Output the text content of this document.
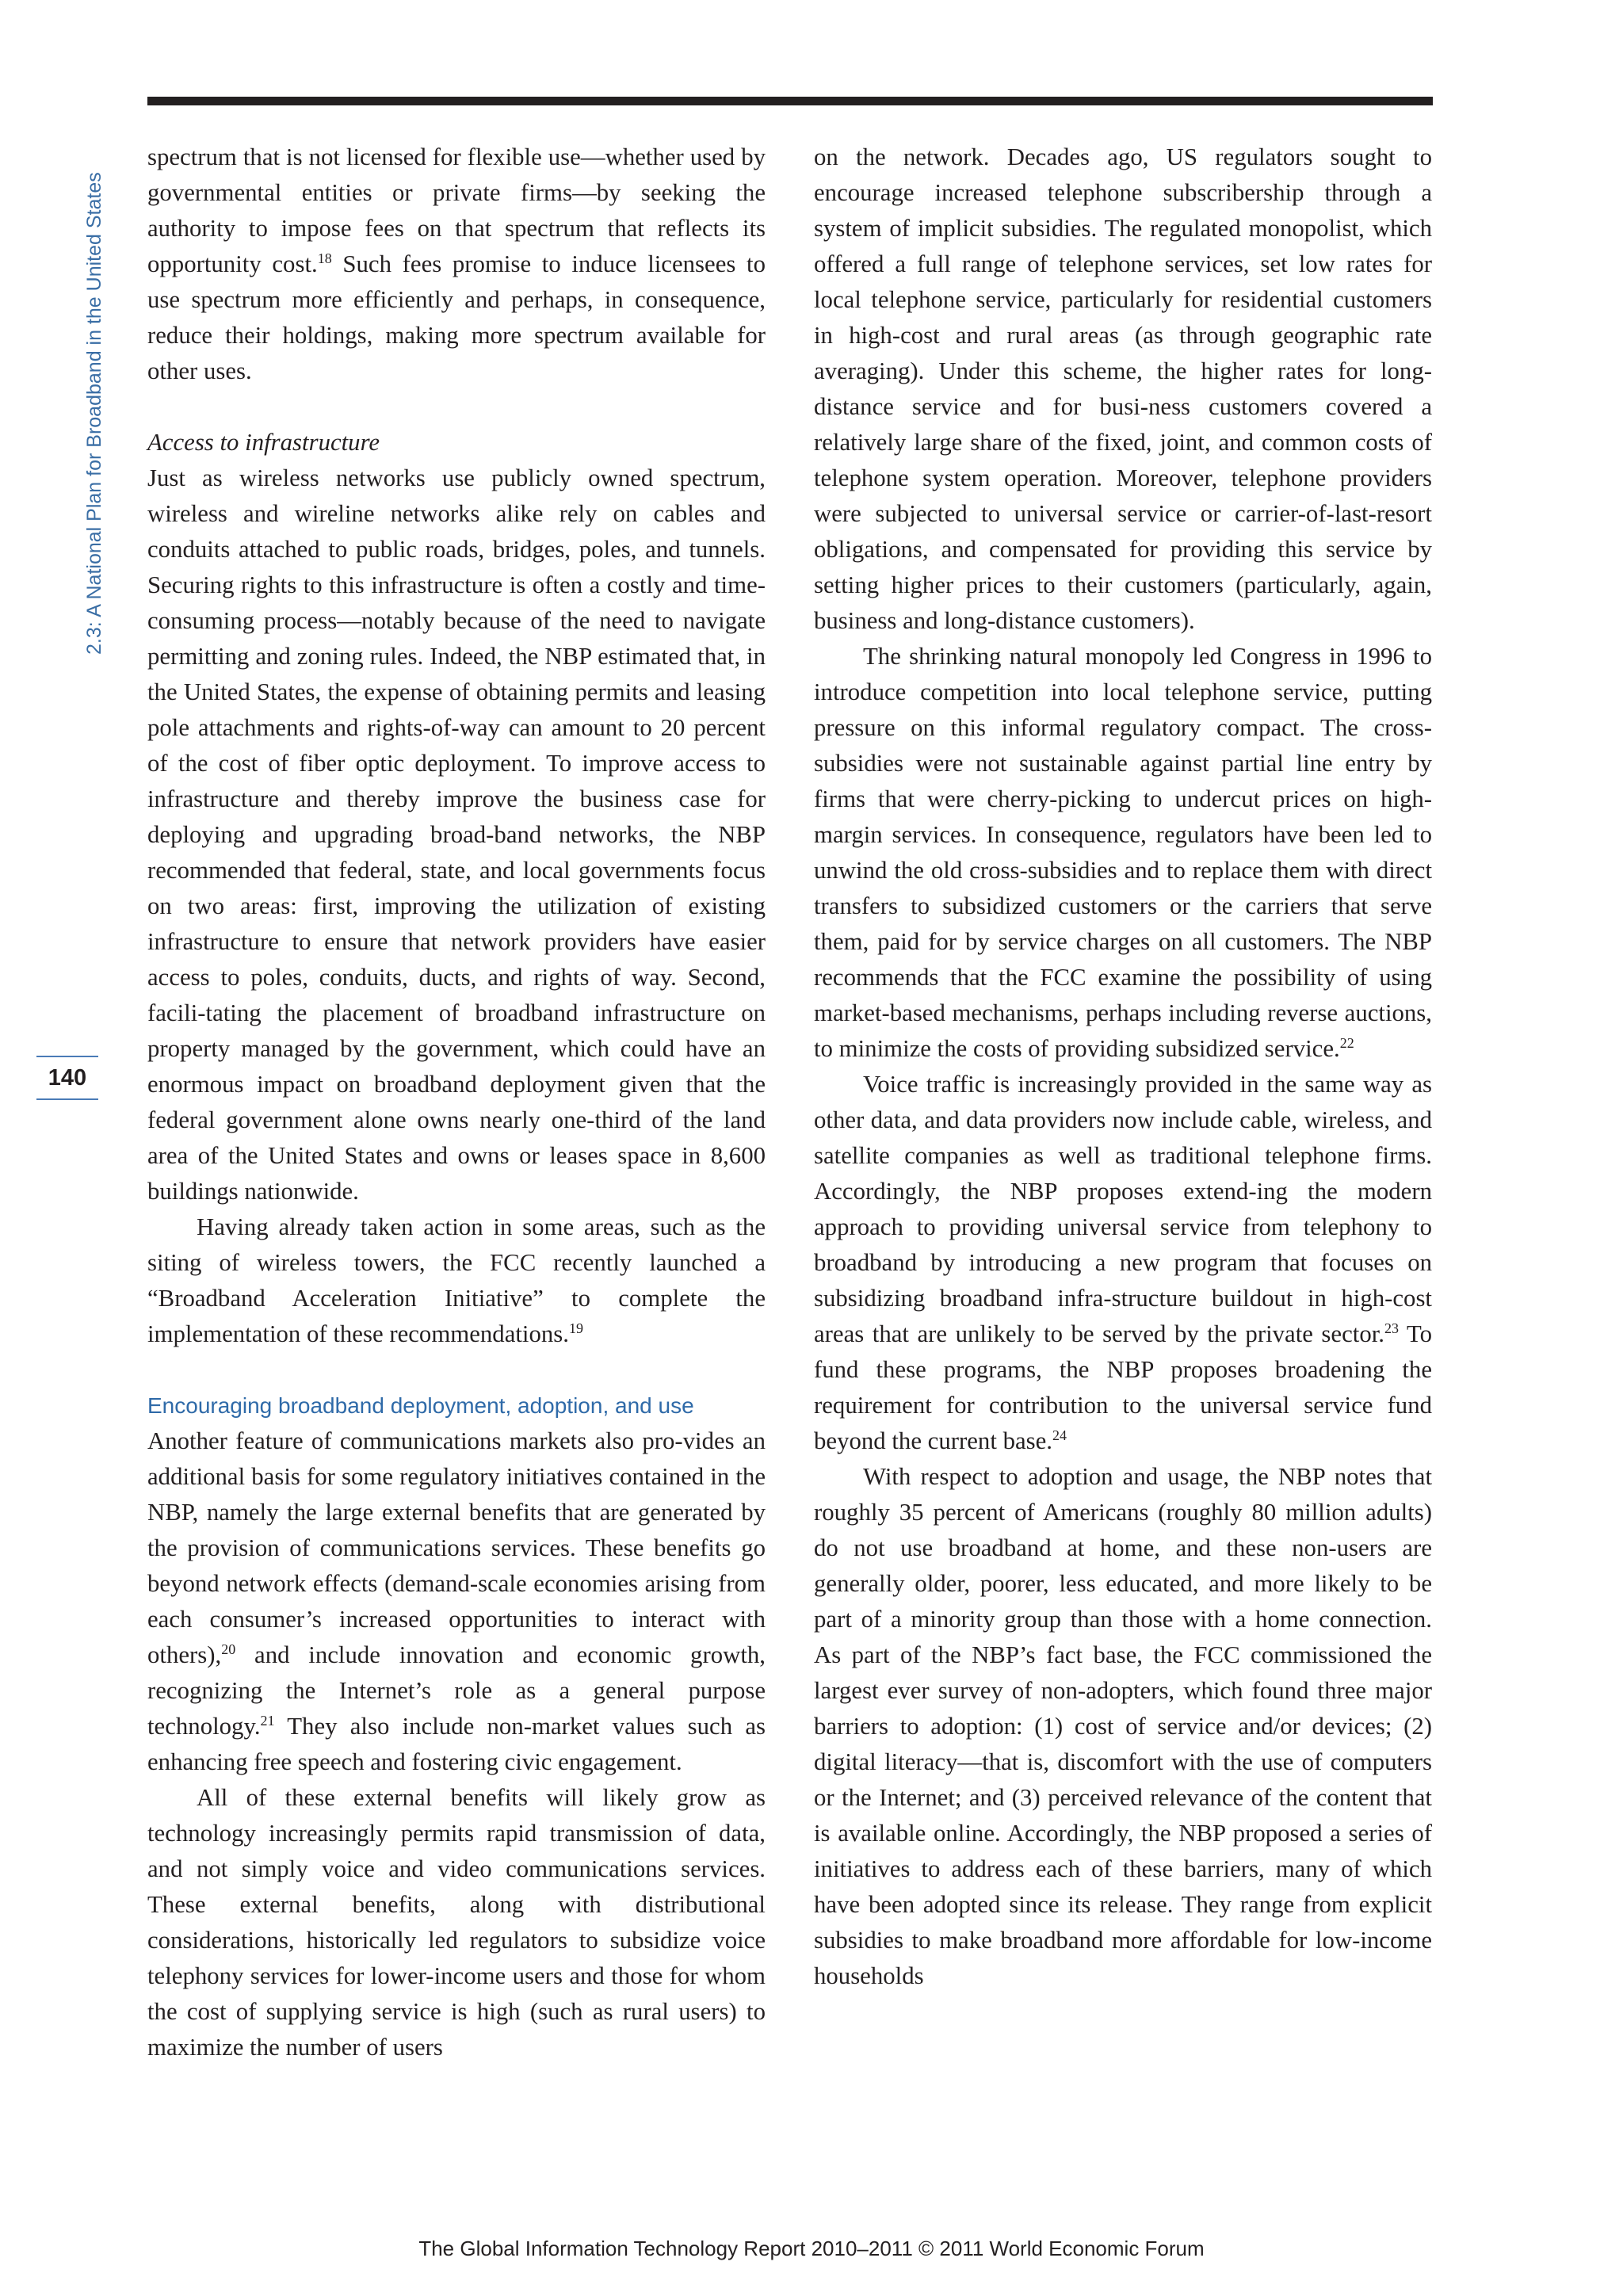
2.3: A National Plan for Broadband in the United States
140

spectrum that is not licensed for flexible use—whether used by governmental entities or private firms—by seeking the authority to impose fees on that spectrum that reflects its opportunity cost.$^{18}$ Such fees promise to induce licensees to use spectrum more efficiently and perhaps, in consequence, reduce their holdings, making more spectrum available for other uses.

Access to infrastructure

Just as wireless networks use publicly owned spectrum, wireless and wireline networks alike rely on cables and conduits attached to public roads, bridges, poles, and tunnels. Securing rights to this infrastructure is often a costly and time-consuming process—notably because of the need to navigate permitting and zoning rules. Indeed, the NBP estimated that, in the United States, the expense of obtaining permits and leasing pole attachments and rights-of-way can amount to 20 percent of the cost of fiber optic deployment. To improve access to infrastructure and thereby improve the business case for deploying and upgrading broad-band networks, the NBP recommended that federal, state, and local governments focus on two areas: first, improving the utilization of existing infrastructure to ensure that network providers have easier access to poles, conduits, ducts, and rights of way. Second, facili-tating the placement of broadband infrastructure on property managed by the government, which could have an enormous impact on broadband deployment given that the federal government alone owns nearly one-third of the land area of the United States and owns or leases space in 8,600 buildings nationwide.

Having already taken action in some areas, such as the siting of wireless towers, the FCC recently launched a “Broadband Acceleration Initiative” to complete the implementation of these recommendations.$^{19}$

Encouraging broadband deployment, adoption, and use

Another feature of communications markets also pro-vides an additional basis for some regulatory initiatives contained in the NBP, namely the large external benefits that are generated by the provision of communications services. These benefits go beyond network effects (demand-scale economies arising from each consumer’s increased opportunities to interact with others),$^{20}$ and include innovation and economic growth, recognizing the Internet’s role as a general purpose technology.$^{21}$ They also include non-market values such as enhancing free speech and fostering civic engagement.

All of these external benefits will likely grow as technology increasingly permits rapid transmission of data, and not simply voice and video communications services. These external benefits, along with distributional considerations, historically led regulators to subsidize voice telephony services for lower-income users and those for whom the cost of supplying service is high (such as rural users) to maximize the number of users

on the network. Decades ago, US regulators sought to encourage increased telephone subscribership through a system of implicit subsidies. The regulated monopolist, which offered a full range of telephone services, set low rates for local telephone service, particularly for residential customers in high-cost and rural areas (as through geographic rate averaging). Under this scheme, the higher rates for long-distance service and for busi-ness customers covered a relatively large share of the fixed, joint, and common costs of telephone system operation. Moreover, telephone providers were subjected to universal service or carrier-of-last-resort obligations, and compensated for providing this service by setting higher prices to their customers (particularly, again, business and long-distance customers).

The shrinking natural monopoly led Congress in 1996 to introduce competition into local telephone service, putting pressure on this informal regulatory compact. The cross-subsidies were not sustainable against partial line entry by firms that were cherry-picking to undercut prices on high-margin services. In consequence, regulators have been led to unwind the old cross-subsidies and to replace them with direct transfers to subsidized customers or the carriers that serve them, paid for by service charges on all customers. The NBP recommends that the FCC examine the possibility of using market-based mechanisms, perhaps including reverse auctions, to minimize the costs of providing subsidized service.$^{22}$

Voice traffic is increasingly provided in the same way as other data, and data providers now include cable, wireless, and satellite companies as well as traditional telephone firms. Accordingly, the NBP proposes extend-ing the modern approach to providing universal service from telephony to broadband by introducing a new program that focuses on subsidizing broadband infra-structure buildout in high-cost areas that are unlikely to be served by the private sector.$^{23}$ To fund these programs, the NBP proposes broadening the requirement for contribution to the universal service fund beyond the current base.$^{24}$

With respect to adoption and usage, the NBP notes that roughly 35 percent of Americans (roughly 80 million adults) do not use broadband at home, and these non-users are generally older, poorer, less educated, and more likely to be part of a minority group than those with a home connection. As part of the NBP’s fact base, the FCC commissioned the largest ever survey of non-adopters, which found three major barriers to adoption: (1) cost of service and/or devices; (2) digital literacy—that is, discomfort with the use of computers or the Internet; and (3) perceived relevance of the content that is available online. Accordingly, the NBP proposed a series of initiatives to address each of these barriers, many of which have been adopted since its release. They range from explicit subsidies to make broadband more affordable for low-income households

The Global Information Technology Report 2010–2011 © 2011 World Economic Forum
